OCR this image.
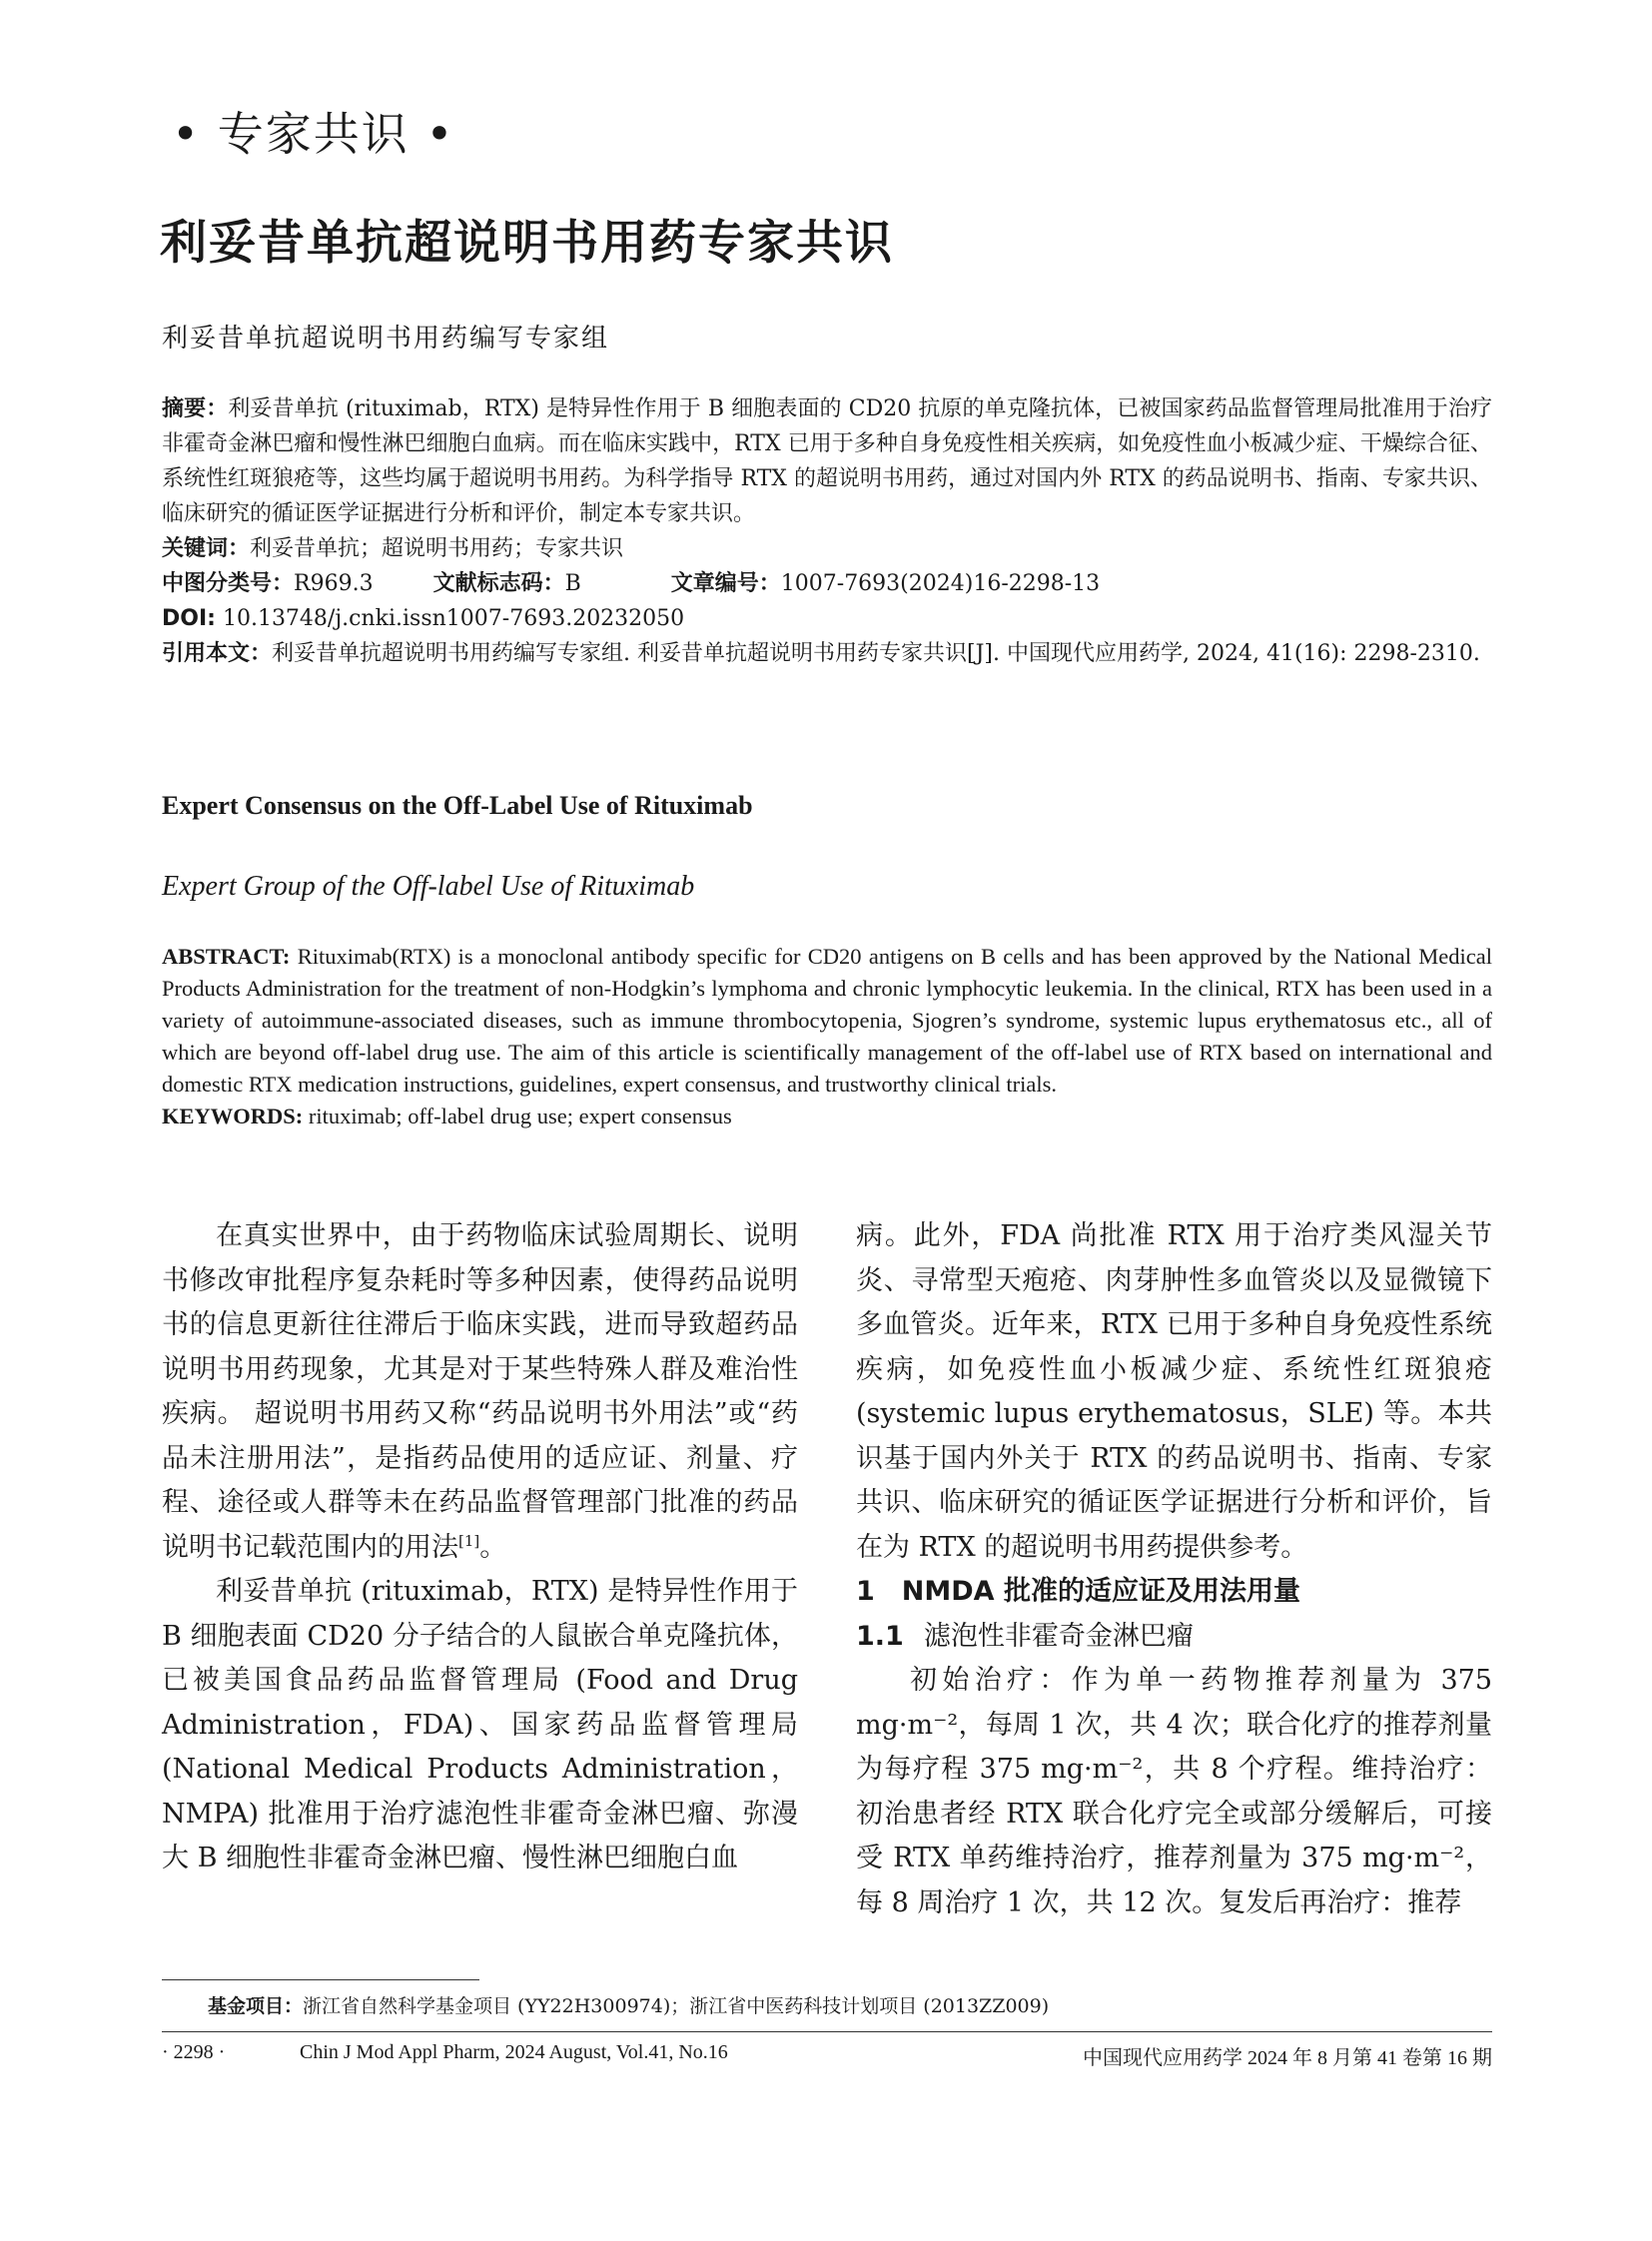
• 专家共识 •
利妥昔单抗超说明书用药专家共识
利妥昔单抗超说明书用药编写专家组
摘要：利妥昔单抗 (rituximab，RTX) 是特异性作用于 B 细胞表面的 CD20 抗原的单克隆抗体，已被国家药品监督管理局批准用于治疗非霍奇金淋巴瘤和慢性淋巴细胞白血病。而在临床实践中，RTX 已用于多种自身免疫性相关疾病，如免疫性血小板减少症、干燥综合征、系统性红斑狼疮等，这些均属于超说明书用药。为科学指导 RTX 的超说明书用药，通过对国内外 RTX 的药品说明书、指南、专家共识、临床研究的循证医学证据进行分析和评价，制定本专家共识。
关键词：利妥昔单抗；超说明书用药；专家共识
中图分类号：R969.3	文献标志码：B	文章编号：1007-7693(2024)16-2298-13
DOI: 10.13748/j.cnki.issn1007-7693.20232050
引用本文：利妥昔单抗超说明书用药编写专家组. 利妥昔单抗超说明书用药专家共识[J]. 中国现代应用药学, 2024, 41(16): 2298-2310.
Expert Consensus on the Off-Label Use of Rituximab
Expert Group of the Off-label Use of Rituximab
ABSTRACT: Rituximab(RTX) is a monoclonal antibody specific for CD20 antigens on B cells and has been approved by the National Medical Products Administration for the treatment of non-Hodgkin’s lymphoma and chronic lymphocytic leukemia. In the clinical, RTX has been used in a variety of autoimmune-associated diseases, such as immune thrombocytopenia, Sjogren’s syndrome, systemic lupus erythematosus etc., all of which are beyond off-label drug use. The aim of this article is scientifically management of the off-label use of RTX based on international and domestic RTX medication instructions, guidelines, expert consensus, and trustworthy clinical trials.
KEYWORDS: rituximab; off-label drug use; expert consensus

在真实世界中，由于药物临床试验周期长、说明书修改审批程序复杂耗时等多种因素，使得药品说明书的信息更新往往滞后于临床实践，进而导致超药品说明书用药现象，尤其是对于某些特殊人群及难治性疾病。 超说明书用药又称“药品说明书外用法”或“药品未注册用法”，是指药品使用的适应证、剂量、疗程、途径或人群等未在药品监督管理部门批准的药品说明书记载范围内的用法[1]。

利妥昔单抗 (rituximab，RTX) 是特异性作用于 B 细胞表面 CD20 分子结合的人鼠嵌合单克隆抗体，已被美国食品药品监督管理局 (Food and Drug Administration，FDA)、国家药品监督管理局 (National Medical Products Administration， NMPA) 批准用于治疗滤泡性非霍奇金淋巴瘤、弥漫大 B 细胞性非霍奇金淋巴瘤、慢性淋巴细胞白血

病。此外，FDA 尚批准 RTX 用于治疗类风湿关节炎、寻常型天疱疮、肉芽肿性多血管炎以及显微镜下多血管炎。近年来，RTX 已用于多种自身免疫性系统疾病，如免疫性血小板减少症、系统性红斑狼疮 (systemic lupus erythematosus，SLE) 等。本共识基于国内外关于 RTX 的药品说明书、指南、专家共识、临床研究的循证医学证据进行分析和评价，旨在为 RTX 的超说明书用药提供参考。

1　NMDA 批准的适应证及用法用量
1.1 滤泡性非霍奇金淋巴瘤

初始治疗：作为单一药物推荐剂量为 375 mg·m⁻²，每周 1 次，共 4 次；联合化疗的推荐剂量为每疗程 375 mg·m⁻²，共 8 个疗程。维持治疗：初治患者经 RTX 联合化疗完全或部分缓解后，可接受 RTX 单药维持治疗，推荐剂量为 375 mg·m⁻²，每 8 周治疗 1 次，共 12 次。复发后再治疗：推荐

基金项目：浙江省自然科学基金项目 (YY22H300974)；浙江省中医药科技计划项目 (2013ZZ009)
· 2298 ·	Chin J Mod Appl Pharm, 2024 August, Vol.41, No.16	中国现代应用药学 2024 年 8 月第 41 卷第 16 期
